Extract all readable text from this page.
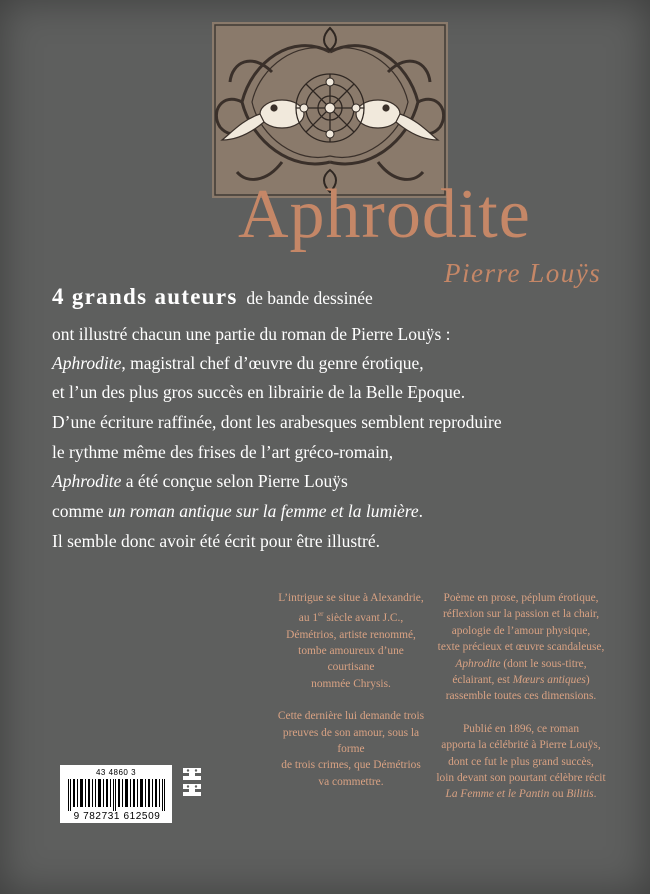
Aphrodite
Pierre Louÿs
4 grands auteurs de bande dessinée
ont illustré chacun une partie du roman de Pierre Louÿs :
Aphrodite, magistral chef d’œuvre du genre érotique,
et l’un des plus gros succès en librairie de la Belle Epoque.
D’une écriture raffinée, dont les arabesques semblent reproduire
le rythme même des frises de l’art gréco-romain,
Aphrodite a été conçue selon Pierre Louÿs
comme un roman antique sur la femme et la lumière.
Il semble donc avoir été écrit pour être illustré.

L’intrigue se situe à Alexandrie,
au 1er siècle avant J.C.,
Démétrios, artiste renommé,
tombe amoureux d’une courtisane
nommée Chrysis.

Cette dernière lui demande trois
preuves de son amour, sous la forme
de trois crimes, que Démétrios
va commettre.

Poème en prose, péplum érotique,
réflexion sur la passion et la chair,
apologie de l’amour physique,
texte précieux et œuvre scandaleuse,
Aphrodite (dont le sous-titre,
éclairant, est Mœurs antiques)
rassemble toutes ces dimensions.

Publié en 1896, ce roman
apporta la célébrité à Pierre Louÿs,
dont ce fut le plus grand succès,
loin devant son pourtant célèbre récit
La Femme et le Pantin ou Bilitis.

43 4860 3
9 782731 612509
